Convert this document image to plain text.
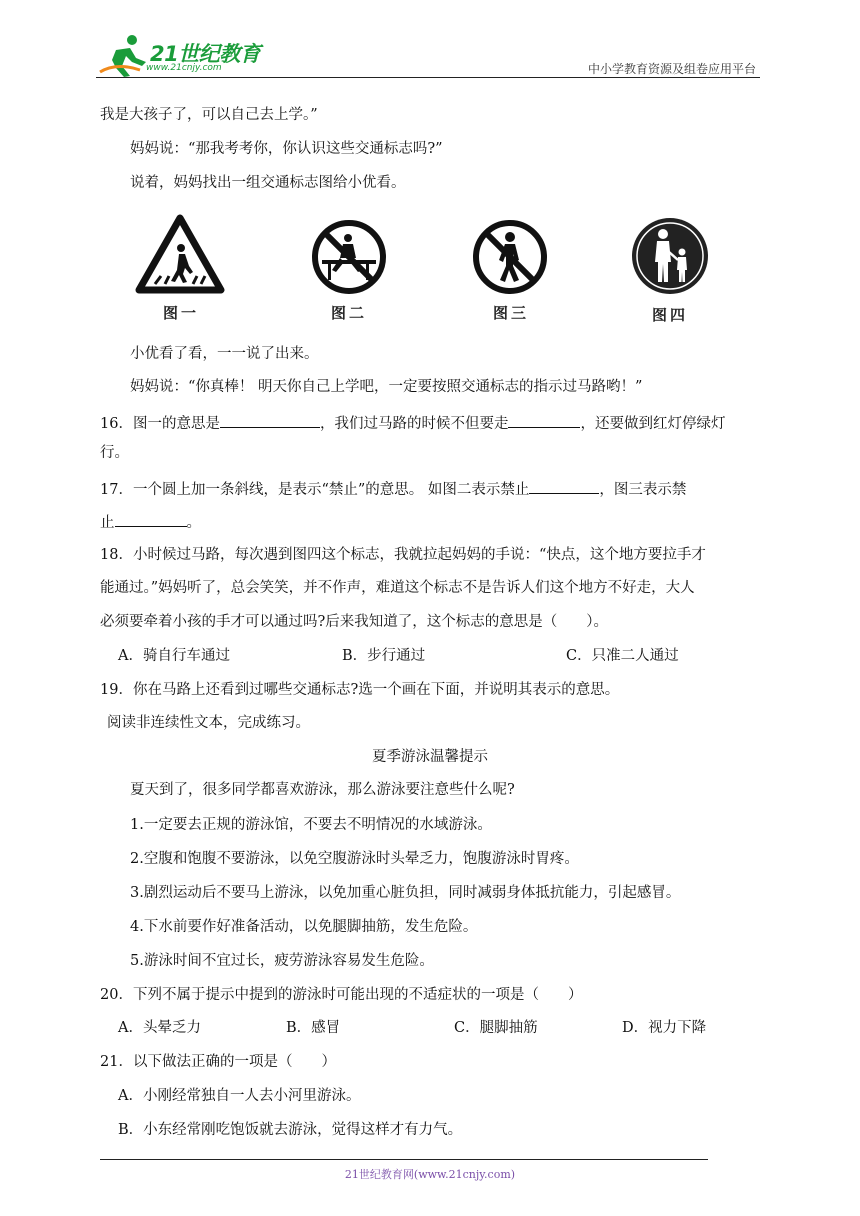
21世纪教育
www.21cnjy.com	中小学教育资源及组卷应用平台
我是大孩子了，可以自己去上学。”
妈妈说：“那我考考你，你认识这些交通标志吗?”
说着，妈妈找出一组交通标志图给小优看。
图一	图二	图三	图四
小优看了看，一一说了出来。
妈妈说：“你真棒！ 明天你自己上学吧，一定要按照交通标志的指示过马路哟！”
16．图一的意思是	，我们过马路的时候不但要走	，还要做到红灯停绿灯
行。
17．一个圆上加一条斜线，是表示“禁止”的意思。 如图二表示禁止	，图三表示禁
止	。
18．小时候过马路，每次遇到图四这个标志，我就拉起妈妈的手说：“快点，这个地方要拉手才
能通过。”妈妈听了，总会笑笑，并不作声，难道这个标志不是告诉人们这个地方不好走，大人
必须要牵着小孩的手才可以通过吗?后来我知道了，这个标志的意思是（　　）。
A．骑自行车通过	B．步行通过	C．只准二人通过
19．你在马路上还看到过哪些交通标志?选一个画在下面，并说明其表示的意思。
阅读非连续性文本，完成练习。
夏季游泳温馨提示
夏天到了，很多同学都喜欢游泳，那么游泳要注意些什么呢?
1.一定要去正规的游泳馆，不要去不明情况的水域游泳。
2.空腹和饱腹不要游泳，以免空腹游泳时头晕乏力，饱腹游泳时胃疼。
3.剧烈运动后不要马上游泳，以免加重心脏负担，同时减弱身体抵抗能力，引起感冒。
4.下水前要作好准备活动，以免腿脚抽筋，发生危险。
5.游泳时间不宜过长，疲劳游泳容易发生危险。
20．下列不属于提示中提到的游泳时可能出现的不适症状的一项是（　　）
A．头晕乏力	B．感冒	C．腿脚抽筋	D．视力下降
21．以下做法正确的一项是（　　）
A．小刚经常独自一人去小河里游泳。
B．小东经常刚吃饱饭就去游泳，觉得这样才有力气。
21世纪教育网(www.21cnjy.com)
